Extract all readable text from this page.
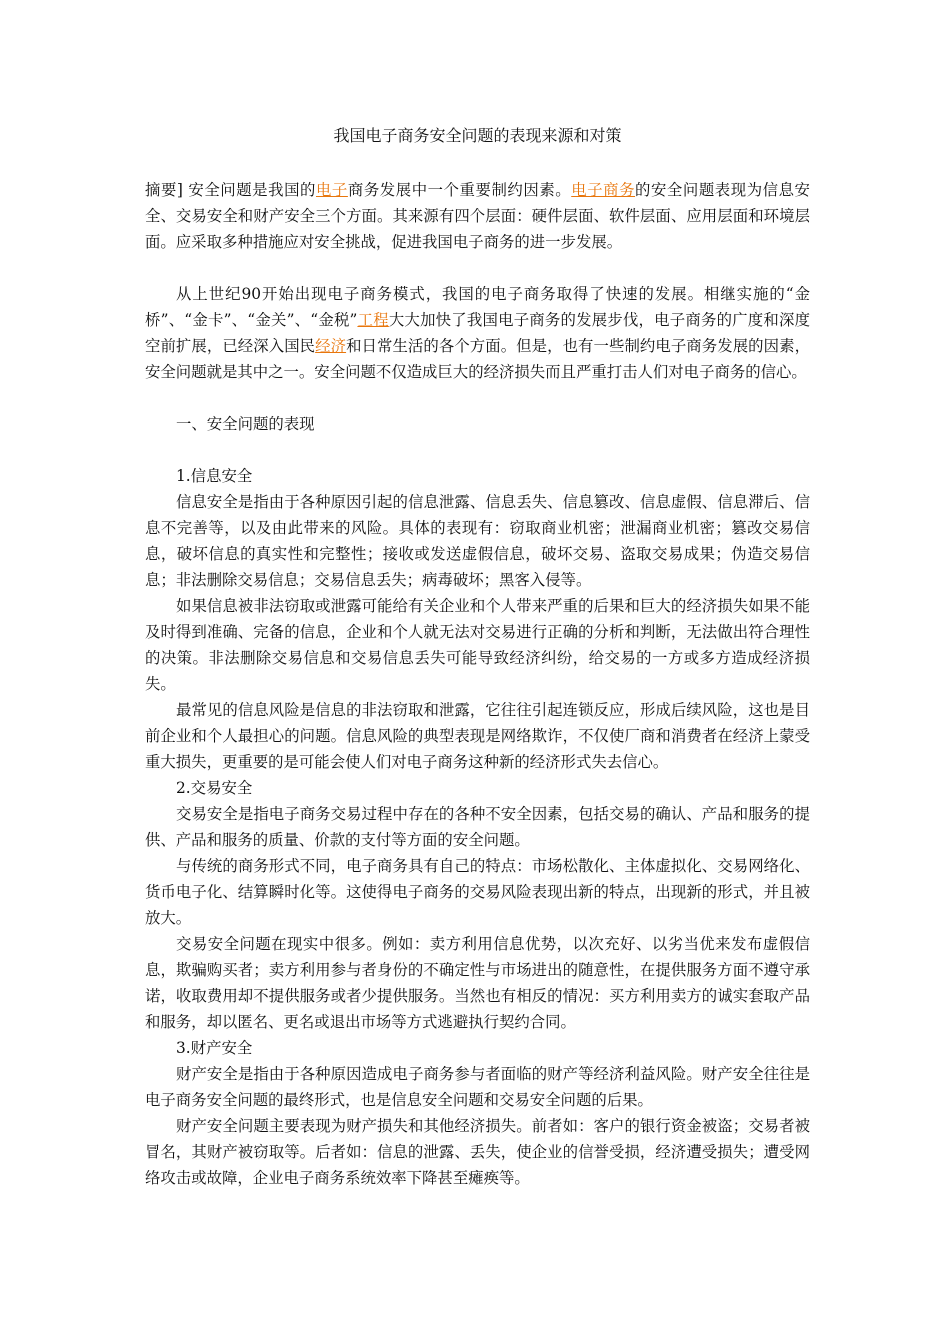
我国电子商务安全问题的表现来源和对策

摘要] 安全问题是我国的电子商务发展中一个重要制约因素。电子商务的安全问题表现为信息安全、交易安全和财产安全三个方面。其来源有四个层面：硬件层面、软件层面、应用层面和环境层面。应采取多种措施应对安全挑战，促进我国电子商务的进一步发展。

从上世纪90开始出现电子商务模式，我国的电子商务取得了快速的发展。相继实施的“金桥”、“金卡”、“金关”、“金税”工程大大加快了我国电子商务的发展步伐，电子商务的广度和深度空前扩展，已经深入国民经济和日常生活的各个方面。但是，也有一些制约电子商务发展的因素，安全问题就是其中之一。安全问题不仅造成巨大的经济损失而且严重打击人们对电子商务的信心。

一、安全问题的表现

1.信息安全

信息安全是指由于各种原因引起的信息泄露、信息丢失、信息篡改、信息虚假、信息滞后、信息不完善等，以及由此带来的风险。具体的表现有：窃取商业机密；泄漏商业机密；篡改交易信息，破坏信息的真实性和完整性；接收或发送虚假信息，破坏交易、盗取交易成果；伪造交易信息；非法删除交易信息；交易信息丢失；病毒破坏；黑客入侵等。

如果信息被非法窃取或泄露可能给有关企业和个人带来严重的后果和巨大的经济损失如果不能及时得到准确、完备的信息，企业和个人就无法对交易进行正确的分析和判断，无法做出符合理性的决策。非法删除交易信息和交易信息丢失可能导致经济纠纷，给交易的一方或多方造成经济损失。

最常见的信息风险是信息的非法窃取和泄露，它往往引起连锁反应，形成后续风险，这也是目前企业和个人最担心的问题。信息风险的典型表现是网络欺诈，不仅使厂商和消费者在经济上蒙受重大损失，更重要的是可能会使人们对电子商务这种新的经济形式失去信心。

2.交易安全

交易安全是指电子商务交易过程中存在的各种不安全因素，包括交易的确认、产品和服务的提供、产品和服务的质量、价款的支付等方面的安全问题。

与传统的商务形式不同，电子商务具有自己的特点：市场松散化、主体虚拟化、交易网络化、货币电子化、结算瞬时化等。这使得电子商务的交易风险表现出新的特点，出现新的形式，并且被放大。

交易安全问题在现实中很多。例如：卖方利用信息优势，以次充好、以劣当优来发布虚假信息，欺骗购买者；卖方利用参与者身份的不确定性与市场进出的随意性，在提供服务方面不遵守承诺，收取费用却不提供服务或者少提供服务。当然也有相反的情况：买方利用卖方的诚实套取产品和服务，却以匿名、更名或退出市场等方式逃避执行契约合同。

3.财产安全

财产安全是指由于各种原因造成电子商务参与者面临的财产等经济利益风险。财产安全往往是电子商务安全问题的最终形式，也是信息安全问题和交易安全问题的后果。

财产安全问题主要表现为财产损失和其他经济损失。前者如：客户的银行资金被盗；交易者被冒名，其财产被窃取等。后者如：信息的泄露、丢失，使企业的信誉受损，经济遭受损失；遭受网络攻击或故障，企业电子商务系统效率下降甚至瘫痪等。
